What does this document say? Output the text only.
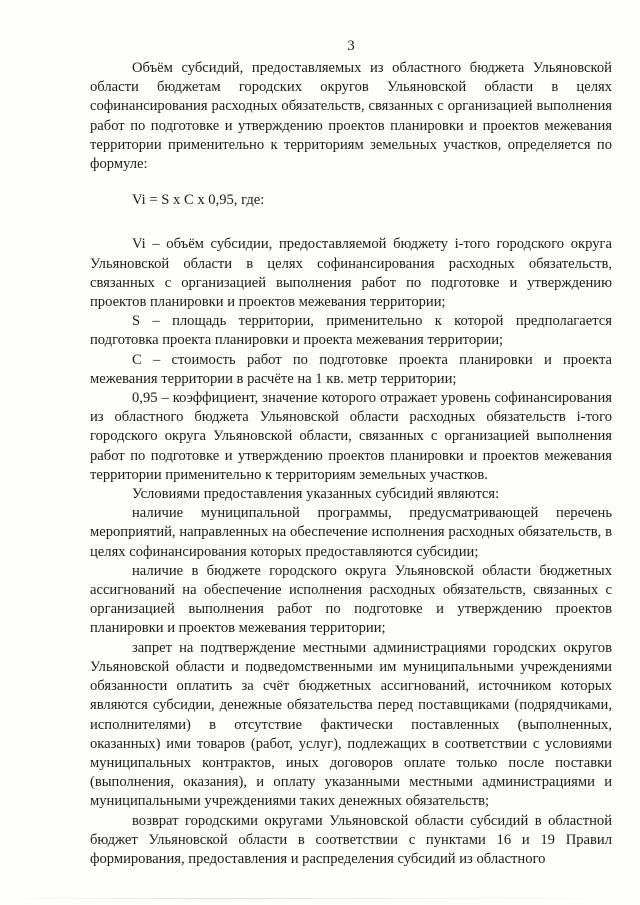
3

Объём субсидий, предоставляемых из областного бюджета Ульяновской области бюджетам городских округов Ульяновской области в целях софинансирования расходных обязательств, связанных с организацией выполнения работ по подготовке и утверждению проектов планировки и проектов межевания территории применительно к территориям земельных участков, определяется по формуле:

Vi = S x C x 0,95, где:

Vi – объём субсидии, предоставляемой бюджету i-того городского округа Ульяновской области в целях софинансирования расходных обязательств, связанных с организацией выполнения работ по подготовке и утверждению проектов планировки и проектов межевания территории;

S – площадь территории, применительно к которой предполагается подготовка проекта планировки и проекта межевания территории;

C – стоимость работ по подготовке проекта планировки и проекта межевания территории в расчёте на 1 кв. метр территории;

0,95 – коэффициент, значение которого отражает уровень софинансирования из областного бюджета Ульяновской области расходных обязательств i-того городского округа Ульяновской области, связанных с организацией выполнения работ по подготовке и утверждению проектов планировки и проектов межевания территории применительно к территориям земельных участков.

Условиями предоставления указанных субсидий являются:

наличие муниципальной программы, предусматривающей перечень мероприятий, направленных на обеспечение исполнения расходных обязательств, в целях софинансирования которых предоставляются субсидии;

наличие в бюджете городского округа Ульяновской области бюджетных ассигнований на обеспечение исполнения расходных обязательств, связанных с организацией выполнения работ по подготовке и утверждению проектов планировки и проектов межевания территории;

запрет на подтверждение местными администрациями городских округов Ульяновской области и подведомственными им муниципальными учреждениями обязанности оплатить за счёт бюджетных ассигнований, источником которых являются субсидии, денежные обязательства перед поставщиками (подрядчиками, исполнителями) в отсутствие фактически поставленных (выполненных, оказанных) ими товаров (работ, услуг), подлежащих в соответствии с условиями муниципальных контрактов, иных договоров оплате только после поставки (выполнения, оказания), и оплату указанными местными администрациями и муниципальными учреждениями таких денежных обязательств;

возврат городскими округами Ульяновской области субсидий в областной бюджет Ульяновской области в соответствии с пунктами 16 и 19 Правил формирования, предоставления и распределения субсидий из областного
